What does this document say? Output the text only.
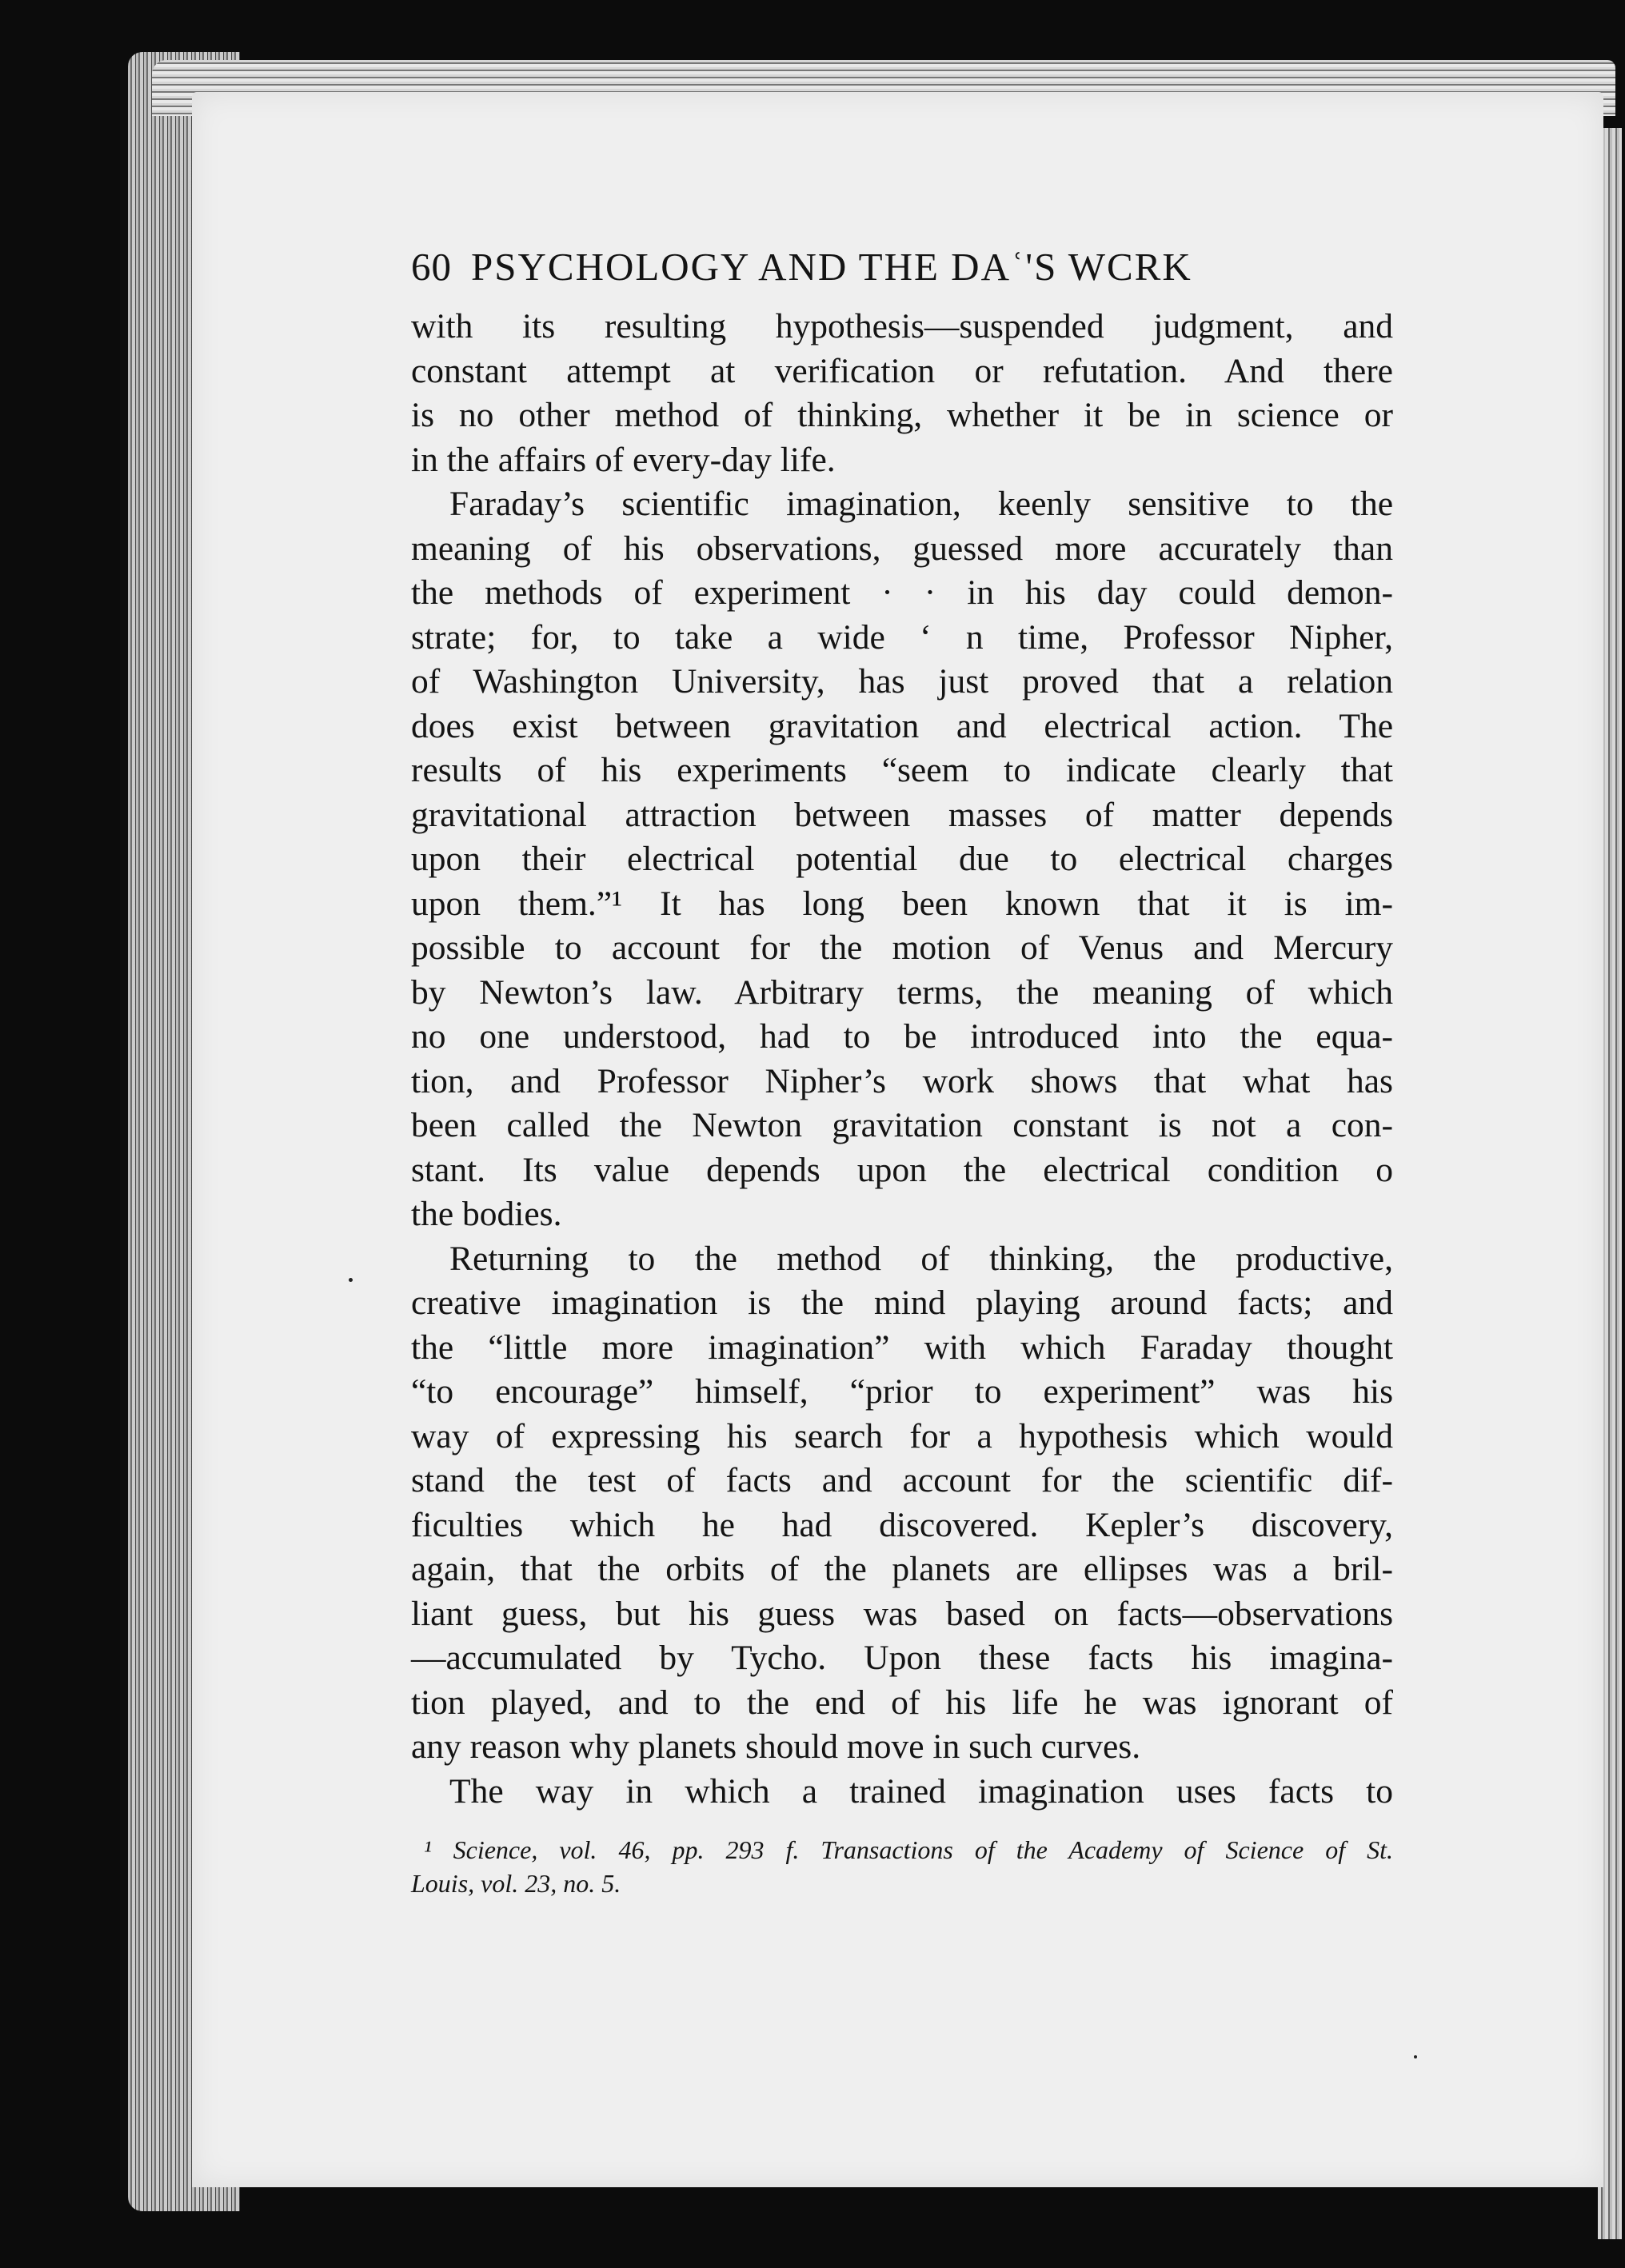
60 PSYCHOLOGY AND THE DAʿ'S WCRK
with its resulting hypothesis—suspended judgment, and
constant attempt at verification or refutation. And there
is no other method of thinking, whether it be in science or
in the affairs of every-day life.
Faraday’s scientific imagination, keenly sensitive to the
meaning of his observations, guessed more accurately than
the methods of experiment · · in his day could demon-
strate; for, to take a wide ʻ n time, Professor Nipher,
of Washington University, has just proved that a relation
does exist between gravitation and electrical action. The
results of his experiments “seem to indicate clearly that
gravitational attraction between masses of matter depends
upon their electrical potential due to electrical charges
upon them.”¹ It has long been known that it is im-
possible to account for the motion of Venus and Mercury
by Newton’s law. Arbitrary terms, the meaning of which
no one understood, had to be introduced into the equa-
tion, and Professor Nipher’s work shows that what has
been called the Newton gravitation constant is not a con-
stant. Its value depends upon the electrical condition o
the bodies.
Returning to the method of thinking, the productive,
creative imagination is the mind playing around facts; and
the “little more imagination” with which Faraday thought
“to encourage” himself, “prior to experiment” was his
way of expressing his search for a hypothesis which would
stand the test of facts and account for the scientific dif-
ficulties which he had discovered. Kepler’s discovery,
again, that the orbits of the planets are ellipses was a bril-
liant guess, but his guess was based on facts—observations
—accumulated by Tycho. Upon these facts his imagina-
tion played, and to the end of his life he was ignorant of
any reason why planets should move in such curves.
The way in which a trained imagination uses facts to
¹ Science, vol. 46, pp. 293 f. Transactions of the Academy of Science of St.
Louis, vol. 23, no. 5.
